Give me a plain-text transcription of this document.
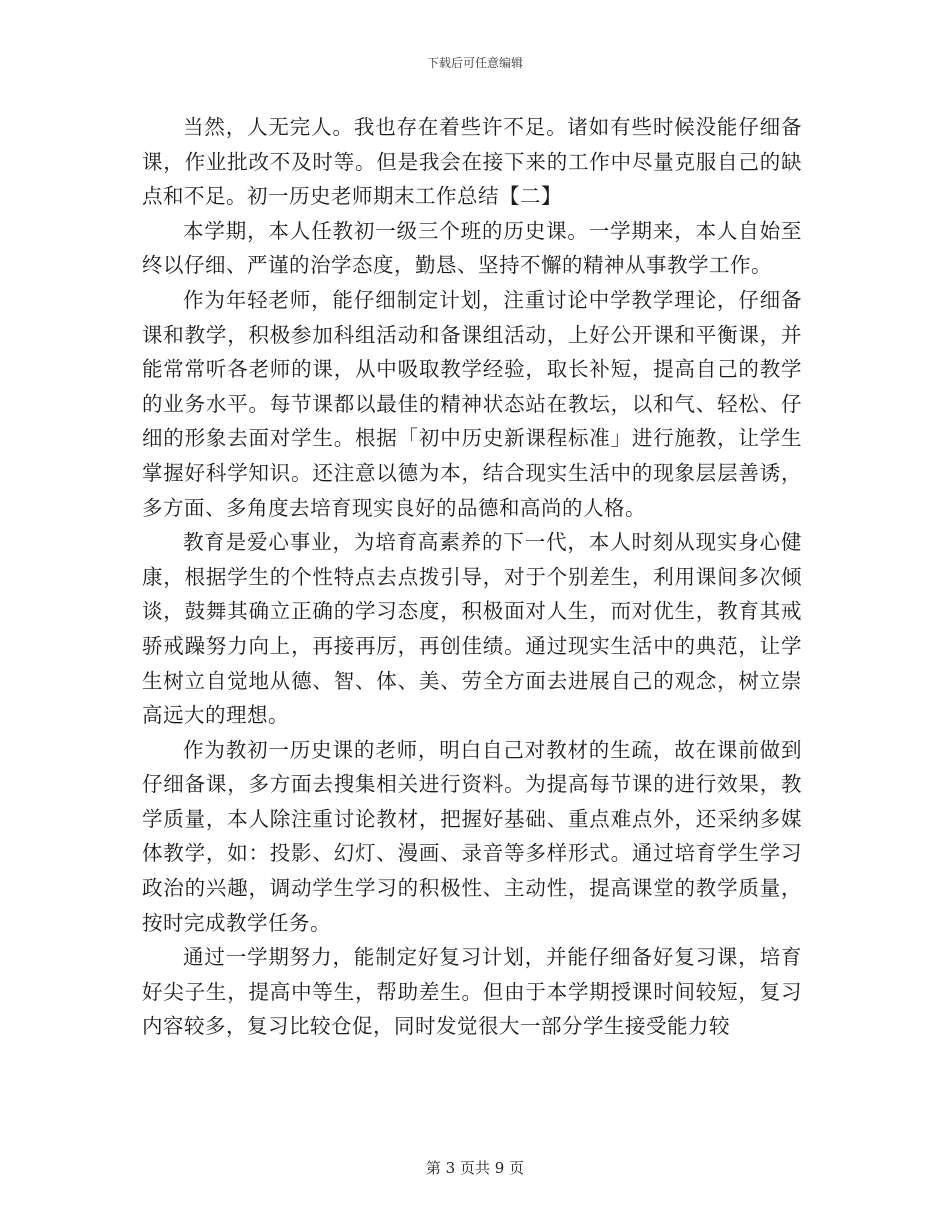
下载后可任意编辑

当然，人无完人。我也存在着些许不足。诸如有些时候没能仔细备课，作业批改不及时等。但是我会在接下来的工作中尽量克服自己的缺点和不足。初一历史老师期末工作总结【二】

本学期，本人任教初一级三个班的历史课。一学期来，本人自始至终以仔细、严谨的治学态度，勤恳、坚持不懈的精神从事教学工作。

作为年轻老师，能仔细制定计划，注重讨论中学教学理论，仔细备课和教学，积极参加科组活动和备课组活动，上好公开课和平衡课，并能常常听各老师的课，从中吸取教学经验，取长补短，提高自己的教学的业务水平。每节课都以最佳的精神状态站在教坛，以和气、轻松、仔细的形象去面对学生。根据「初中历史新课程标准」进行施教，让学生掌握好科学知识。还注意以德为本，结合现实生活中的现象层层善诱，多方面、多角度去培育现实良好的品德和高尚的人格。

教育是爱心事业，为培育高素养的下一代，本人时刻从现实身心健康，根据学生的个性特点去点拨引导，对于个别差生，利用课间多次倾谈，鼓舞其确立正确的学习态度，积极面对人生，而对优生，教育其戒骄戒躁努力向上，再接再厉，再创佳绩。通过现实生活中的典范，让学生树立自觉地从德、智、体、美、劳全方面去进展自己的观念，树立崇高远大的理想。

作为教初一历史课的老师，明白自己对教材的生疏，故在课前做到仔细备课，多方面去搜集相关进行资料。为提高每节课的进行效果，教学质量，本人除注重讨论教材，把握好基础、重点难点外，还采纳多媒体教学，如：投影、幻灯、漫画、录音等多样形式。通过培育学生学习政治的兴趣，调动学生学习的积极性、主动性，提高课堂的教学质量，按时完成教学任务。

通过一学期努力，能制定好复习计划，并能仔细备好复习课，培育好尖子生，提高中等生，帮助差生。但由于本学期授课时间较短，复习内容较多，复习比较仓促，同时发觉很大一部分学生接受能力较

第 3 页共 9 页
